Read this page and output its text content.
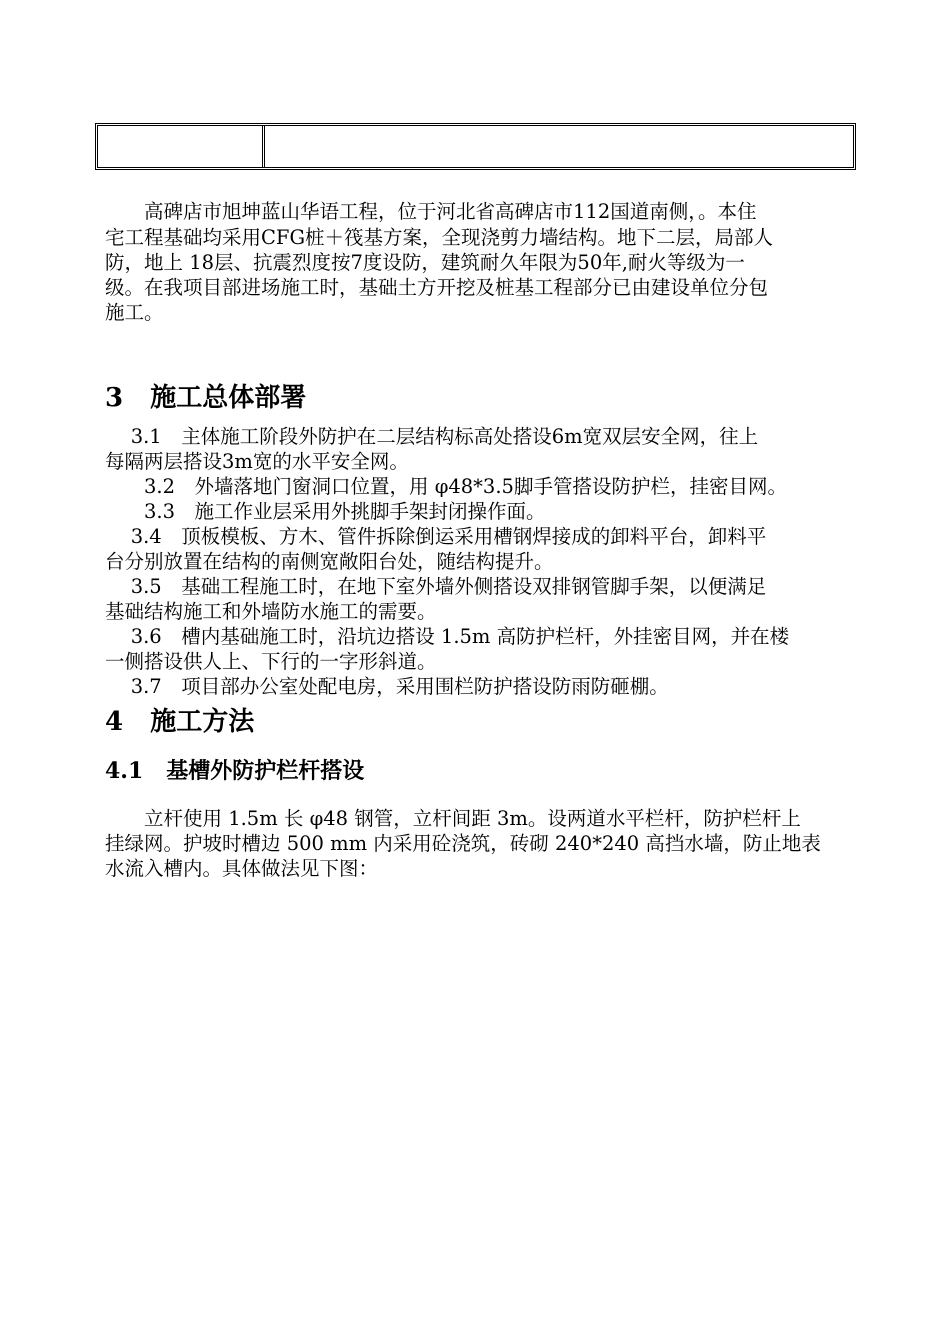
　　高碑店市旭坤蓝山华语工程，位于河北省高碑店市112国道南侧，。本住
宅工程基础均采用CFG桩＋筏基方案，全现浇剪力墙结构。地下二层，局部人
防，地上 18层、抗震烈度按7度设防，建筑耐久年限为50年,耐火等级为一
级。在我项目部进场施工时，基础土方开挖及桩基工程部分已由建设单位分包
施工。
3 施工总体部署
　 3.1　主体施工阶段外防护在二层结构标高处搭设6m宽双层安全网，往上
每隔两层搭设3m宽的水平安全网。
　　3.2　外墙落地门窗洞口位置，用 φ48*3.5脚手管搭设防护栏，挂密目网。
　　3.3　施工作业层采用外挑脚手架封闭操作面。
　 3.4　顶板模板、方木、管件拆除倒运采用槽钢焊接成的卸料平台，卸料平
台分别放置在结构的南侧宽敞阳台处，随结构提升。
　 3.5　基础工程施工时，在地下室外墙外侧搭设双排钢管脚手架，以便满足
基础结构施工和外墙防水施工的需要。
　 3.6　槽内基础施工时，沿坑边搭设 1.5m 高防护栏杆，外挂密目网，并在楼
一侧搭设供人上、下行的一字形斜道。
　 3.7　项目部办公室处配电房，采用围栏防护搭设防雨防砸棚。
4 施工方法
4.1 基槽外防护栏杆搭设
　　立杆使用 1.5m 长 φ48 钢管，立杆间距 3m。设两道水平栏杆，防护栏杆上
挂绿网。护坡时槽边 500 mm 内采用砼浇筑，砖砌 240*240 高挡水墙，防止地表
水流入槽内。具体做法见下图：
